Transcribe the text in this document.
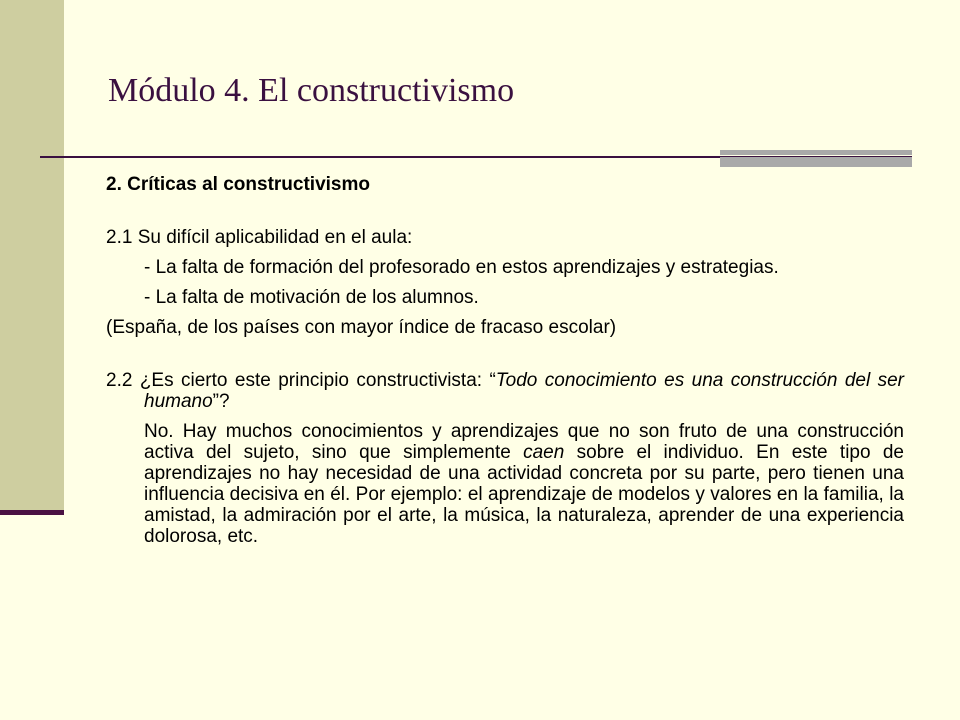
Módulo 4. El constructivismo

2. Críticas al constructivismo

2.1 Su difícil aplicabilidad en el aula:

- La falta de formación del profesorado en estos aprendizajes y estrategias.

- La falta de motivación de los alumnos.

(España, de los países con mayor índice de fracaso escolar)

2.2 ¿Es cierto este principio constructivista: “Todo conocimiento es una construcción del ser humano”?

No. Hay muchos conocimientos y aprendizajes que no son fruto de una construcción activa del sujeto, sino que simplemente caen sobre el individuo. En este tipo de aprendizajes no hay necesidad de una actividad concreta por su parte, pero tienen una influencia decisiva en él. Por ejemplo: el aprendizaje de modelos y valores en la familia, la amistad, la admiración por el arte, la música, la naturaleza, aprender de una experiencia dolorosa, etc.
